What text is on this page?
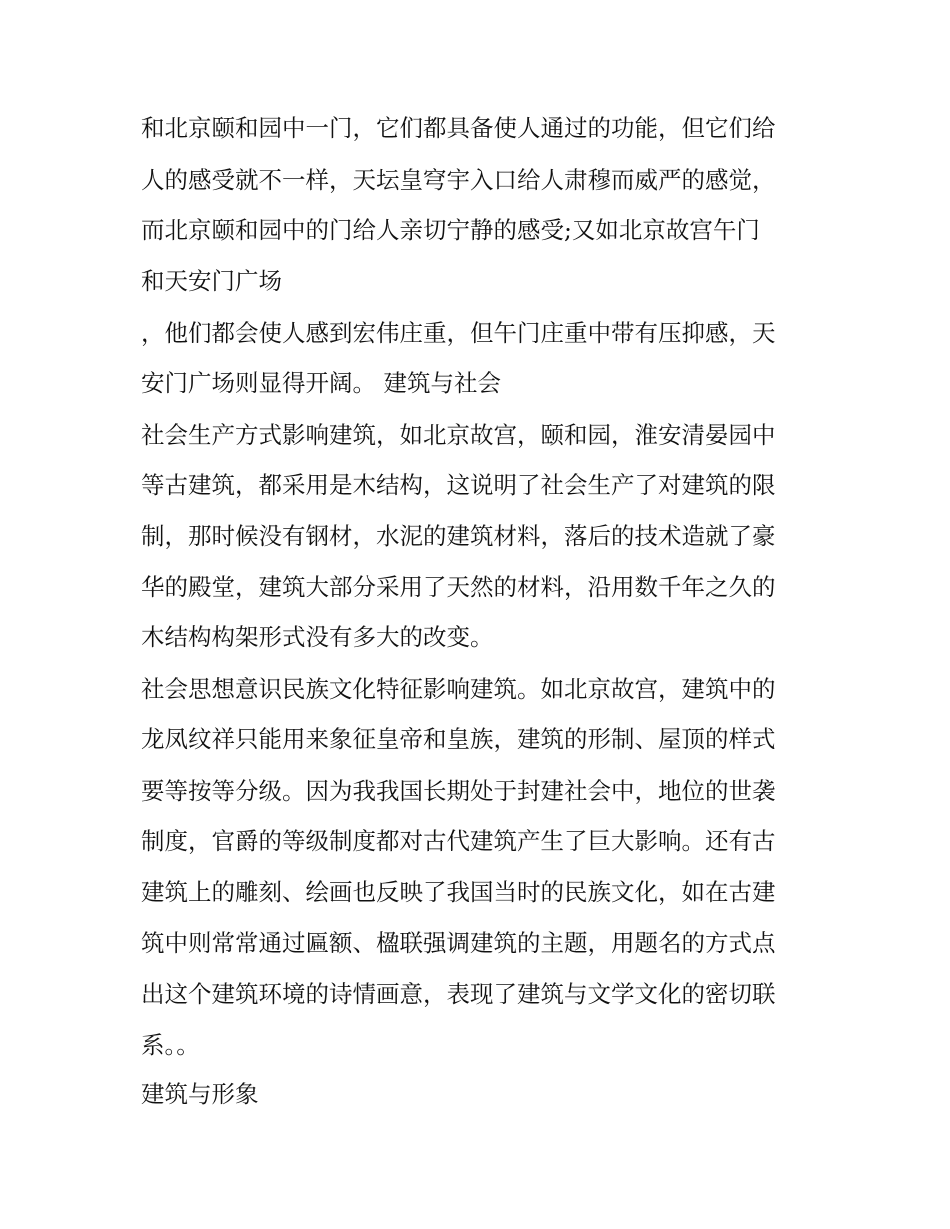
和北京颐和园中一门，它们都具备使人通过的功能，但它们给
人的感受就不一样，天坛皇穹宇入口给人肃穆而威严的感觉，
而北京颐和园中的门给人亲切宁静的感受;又如北京故宫午门
和天安门广场
，他们都会使人感到宏伟庄重，但午门庄重中带有压抑感，天
安门广场则显得开阔。 建筑与社会
社会生产方式影响建筑，如北京故宫，颐和园，淮安清晏园中
等古建筑，都采用是木结构，这说明了社会生产了对建筑的限
制，那时候没有钢材，水泥的建筑材料，落后的技术造就了豪
华的殿堂，建筑大部分采用了天然的材料，沿用数千年之久的
木结构构架形式没有多大的改变。
社会思想意识民族文化特征影响建筑。如北京故宫，建筑中的
龙凤纹祥只能用来象征皇帝和皇族，建筑的形制、屋顶的样式
要等按等分级。因为我我国长期处于封建社会中，地位的世袭
制度，官爵的等级制度都对古代建筑产生了巨大影响。还有古
建筑上的雕刻、绘画也反映了我国当时的民族文化，如在古建
筑中则常常通过匾额、楹联强调建筑的主题，用题名的方式点
出这个建筑环境的诗情画意，表现了建筑与文学文化的密切联
系。。
建筑与形象
